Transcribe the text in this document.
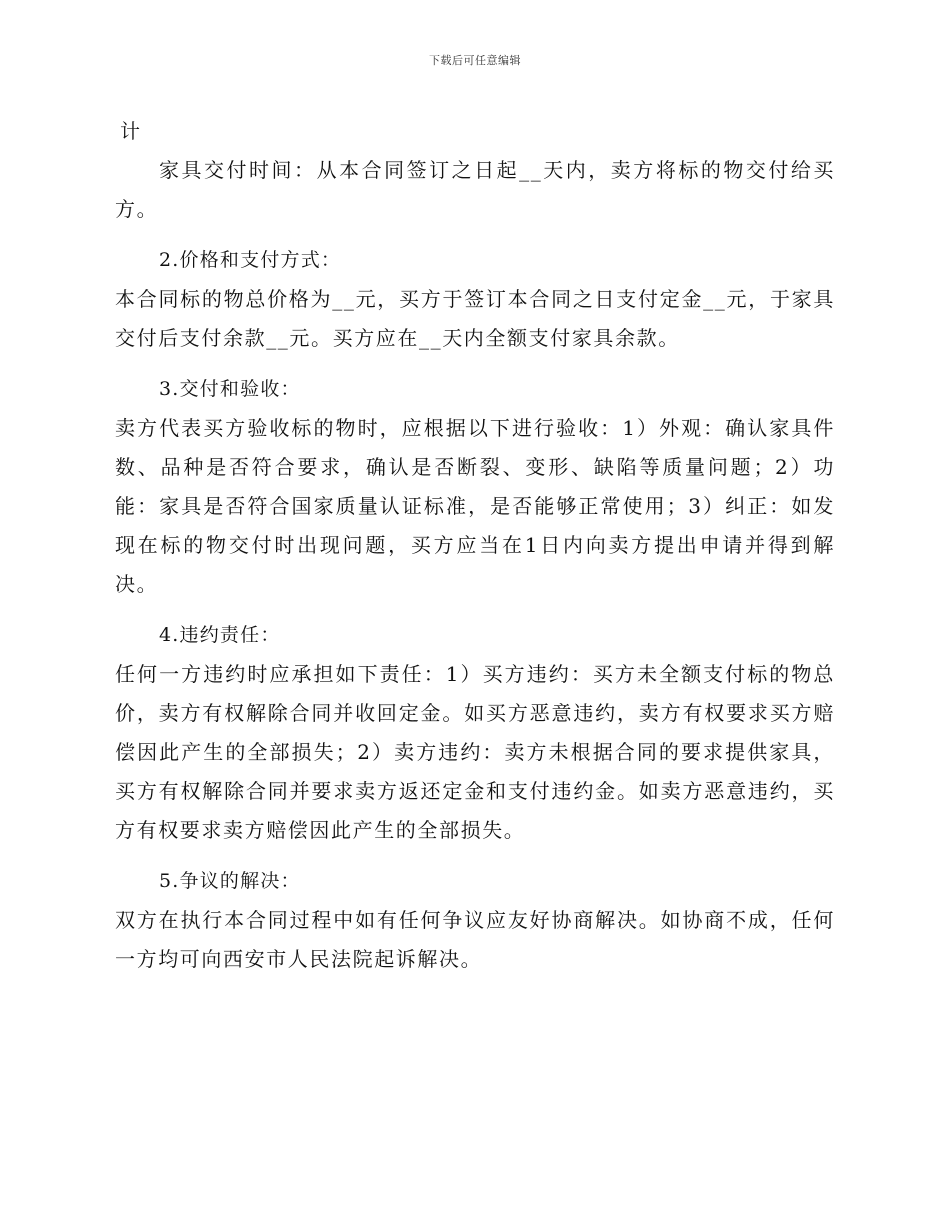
下载后可任意编辑

计

家具交付时间：从本合同签订之日起__天内，卖方将标的物交付给买方。

2.价格和支付方式：

本合同标的物总价格为__元，买方于签订本合同之日支付定金__元，于家具交付后支付余款__元。买方应在__天内全额支付家具余款。

3.交付和验收：

卖方代表买方验收标的物时，应根据以下进行验收：1）外观：确认家具件数、品种是否符合要求，确认是否断裂、变形、缺陷等质量问题；2）功能：家具是否符合国家质量认证标准，是否能够正常使用；3）纠正：如发现在标的物交付时出现问题，买方应当在1日内向卖方提出申请并得到解决。

4.违约责任：

任何一方违约时应承担如下责任：1）买方违约：买方未全额支付标的物总价，卖方有权解除合同并收回定金。如买方恶意违约，卖方有权要求买方赔偿因此产生的全部损失；2）卖方违约：卖方未根据合同的要求提供家具，买方有权解除合同并要求卖方返还定金和支付违约金。如卖方恶意违约，买方有权要求卖方赔偿因此产生的全部损失。

5.争议的解决：

双方在执行本合同过程中如有任何争议应友好协商解决。如协商不成，任何一方均可向西安市人民法院起诉解决。
